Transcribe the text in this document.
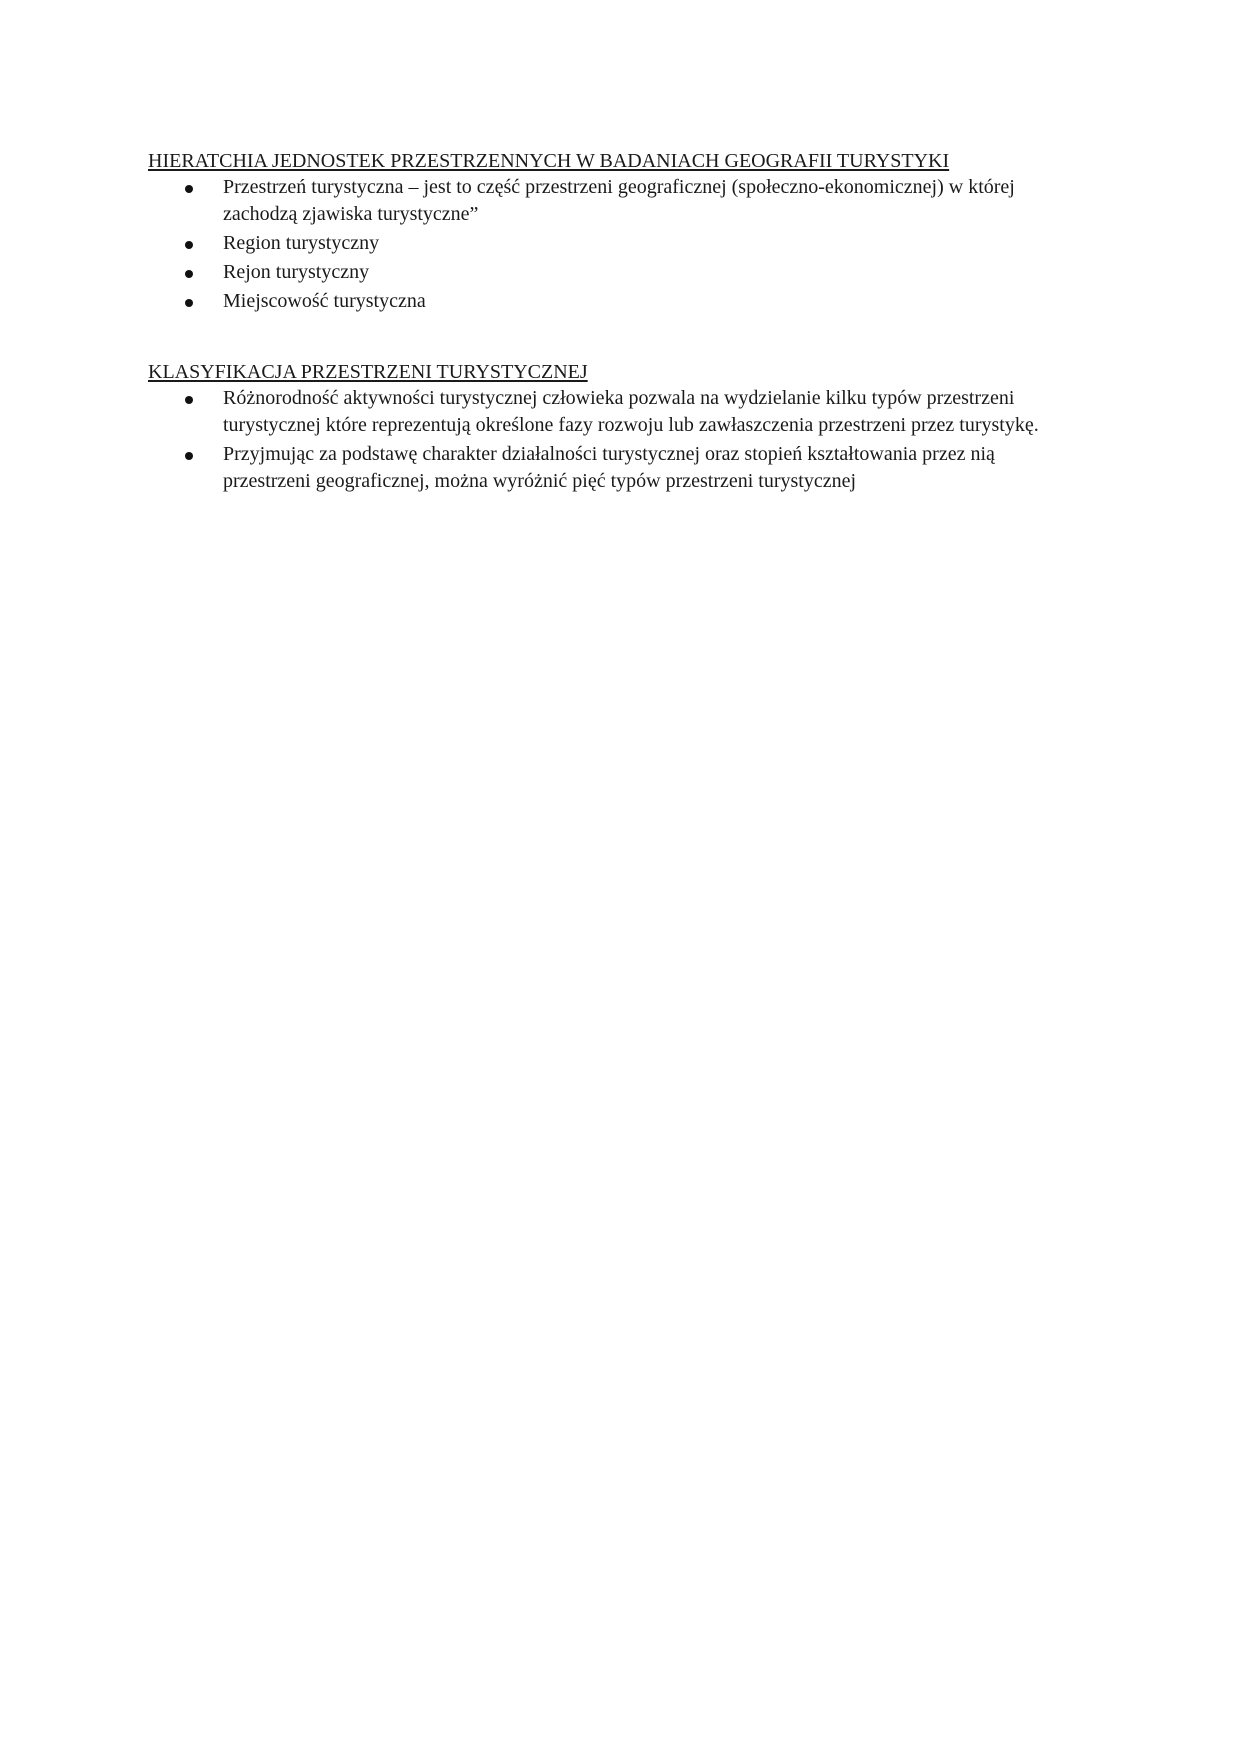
HIERATCHIA JEDNOSTEK PRZESTRZENNYCH W BADANIACH GEOGRAFII TURYSTYKI
Przestrzeń turystyczna – jest to część przestrzeni geograficznej (społeczno-ekonomicznej) w której zachodzą zjawiska turystyczne”
Region turystyczny
Rejon turystyczny
Miejscowość turystyczna
KLASYFIKACJA PRZESTRZENI TURYSTYCZNEJ
Różnorodność aktywności turystycznej człowieka pozwala na wydzielanie kilku typów przestrzeni turystycznej które reprezentują określone fazy rozwoju lub zawłaszczenia przestrzeni przez turystykę.
Przyjmując za podstawę charakter działalności turystycznej oraz stopień kształtowania przez nią przestrzeni geograficznej, można wyróżnić pięć typów przestrzeni turystycznej
